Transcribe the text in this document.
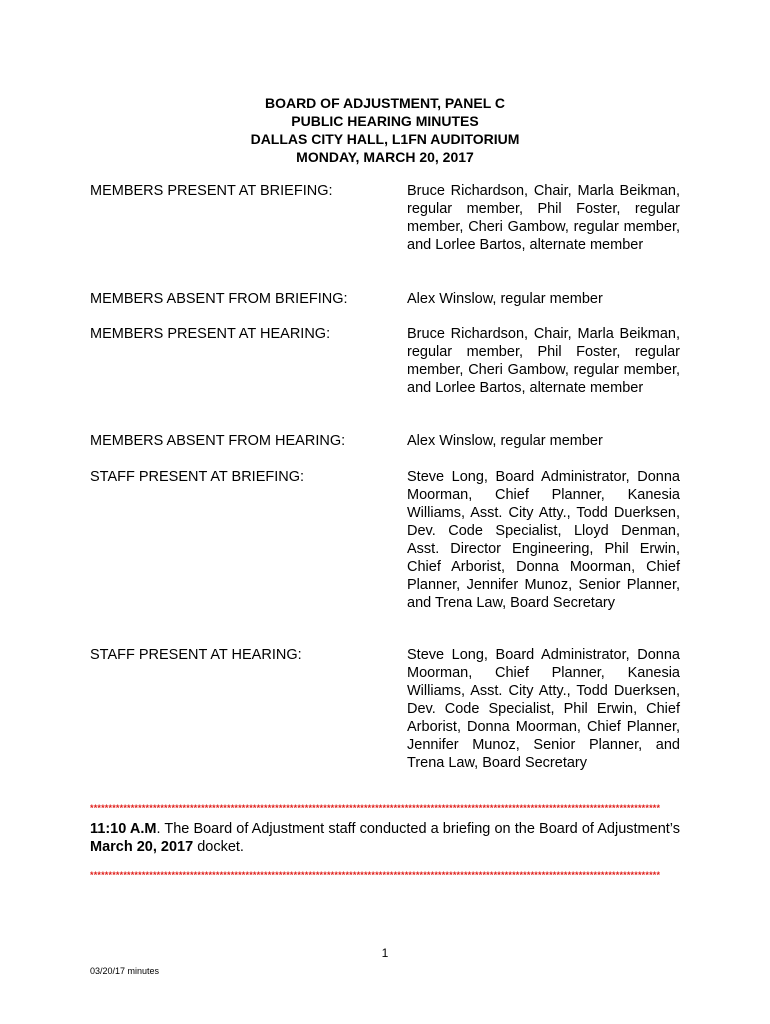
BOARD OF ADJUSTMENT, PANEL C
PUBLIC HEARING MINUTES
DALLAS CITY HALL, L1FN AUDITORIUM
MONDAY, MARCH 20, 2017
MEMBERS PRESENT AT BRIEFING:	Bruce Richardson, Chair, Marla Beikman, regular member, Phil Foster, regular member, Cheri Gambow, regular member, and Lorlee Bartos, alternate member
MEMBERS ABSENT FROM BRIEFING:	Alex Winslow, regular member
MEMBERS PRESENT AT HEARING:	Bruce Richardson, Chair, Marla Beikman, regular member, Phil Foster, regular member, Cheri Gambow, regular member, and Lorlee Bartos, alternate member
MEMBERS ABSENT FROM HEARING:	Alex Winslow, regular member
STAFF PRESENT AT BRIEFING:	Steve Long, Board Administrator, Donna Moorman, Chief Planner, Kanesia Williams, Asst. City Atty., Todd Duerksen, Dev. Code Specialist, Lloyd Denman, Asst. Director Engineering, Phil Erwin, Chief Arborist, Donna Moorman, Chief Planner, Jennifer Munoz, Senior Planner, and Trena Law, Board Secretary
STAFF PRESENT AT HEARING:	Steve Long, Board Administrator, Donna Moorman, Chief Planner, Kanesia Williams, Asst. City Atty., Todd Duerksen, Dev. Code Specialist, Phil Erwin, Chief Arborist, Donna Moorman, Chief Planner, Jennifer Munoz, Senior Planner, and Trena Law, Board Secretary
**********************************************************************************************************************************************************
11:10 A.M. The Board of Adjustment staff conducted a briefing on the Board of Adjustment’s March 20, 2017 docket.
**********************************************************************************************************************************************************
1
03/20/17 minutes
